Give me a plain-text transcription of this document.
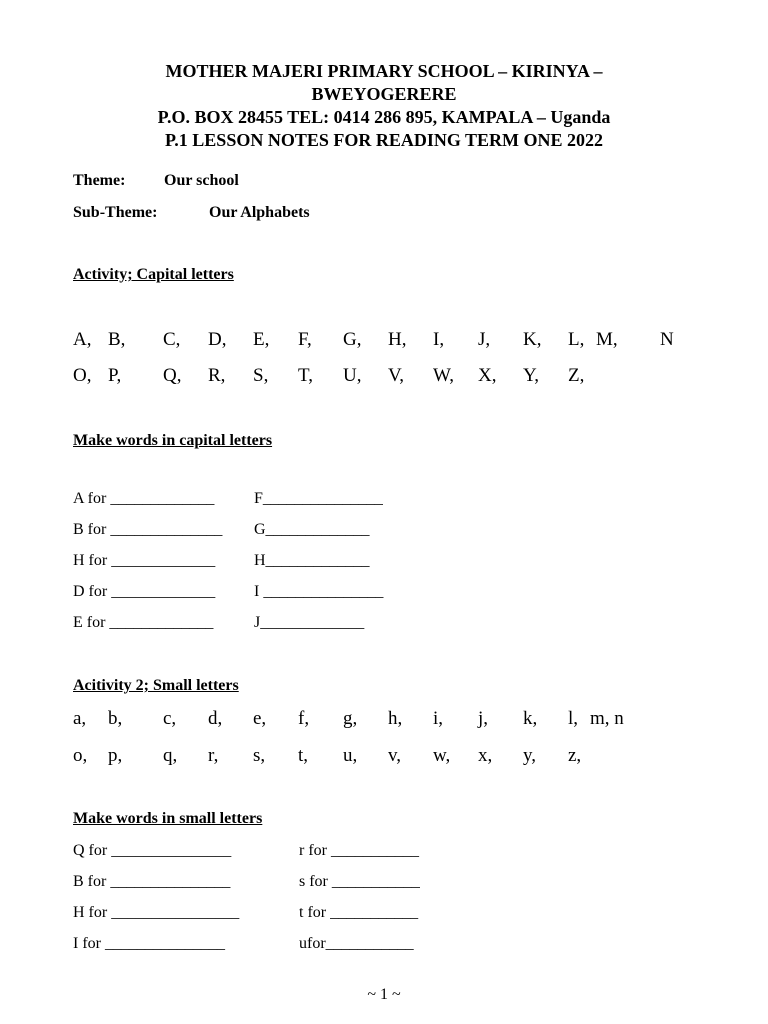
MOTHER MAJERI PRIMARY SCHOOL – KIRINYA –
BWEYOGERERE
P.O. BOX 28455 TEL: 0414 286 895, KAMPALA – Uganda
P.1 LESSON NOTES FOR READING TERM ONE 2022
Theme: Our school
Sub-Theme:	Our Alphabets
Activity; Capital letters
A, B, C, D, E, F, G, H, I, J, K, L, M, N
O, P, Q, R, S, T, U, V, W, X, Y, Z,
Make words in capital letters
A for _____________
B for ______________
H for _____________
D for _____________
E for _____________
F_______________
G_____________
H_____________
I _______________
J_____________
Acitivity 2; Small letters
a, b, c, d, e, f, g, h, i, j, k, l, m, n
o, p, q, r, s, t, u, v, w, x, y, z,
Make words in small letters
Q for _______________
B for _______________
H for ________________
I for _______________
r for ___________
s for ___________
t for ___________
ufor___________
~ 1 ~
